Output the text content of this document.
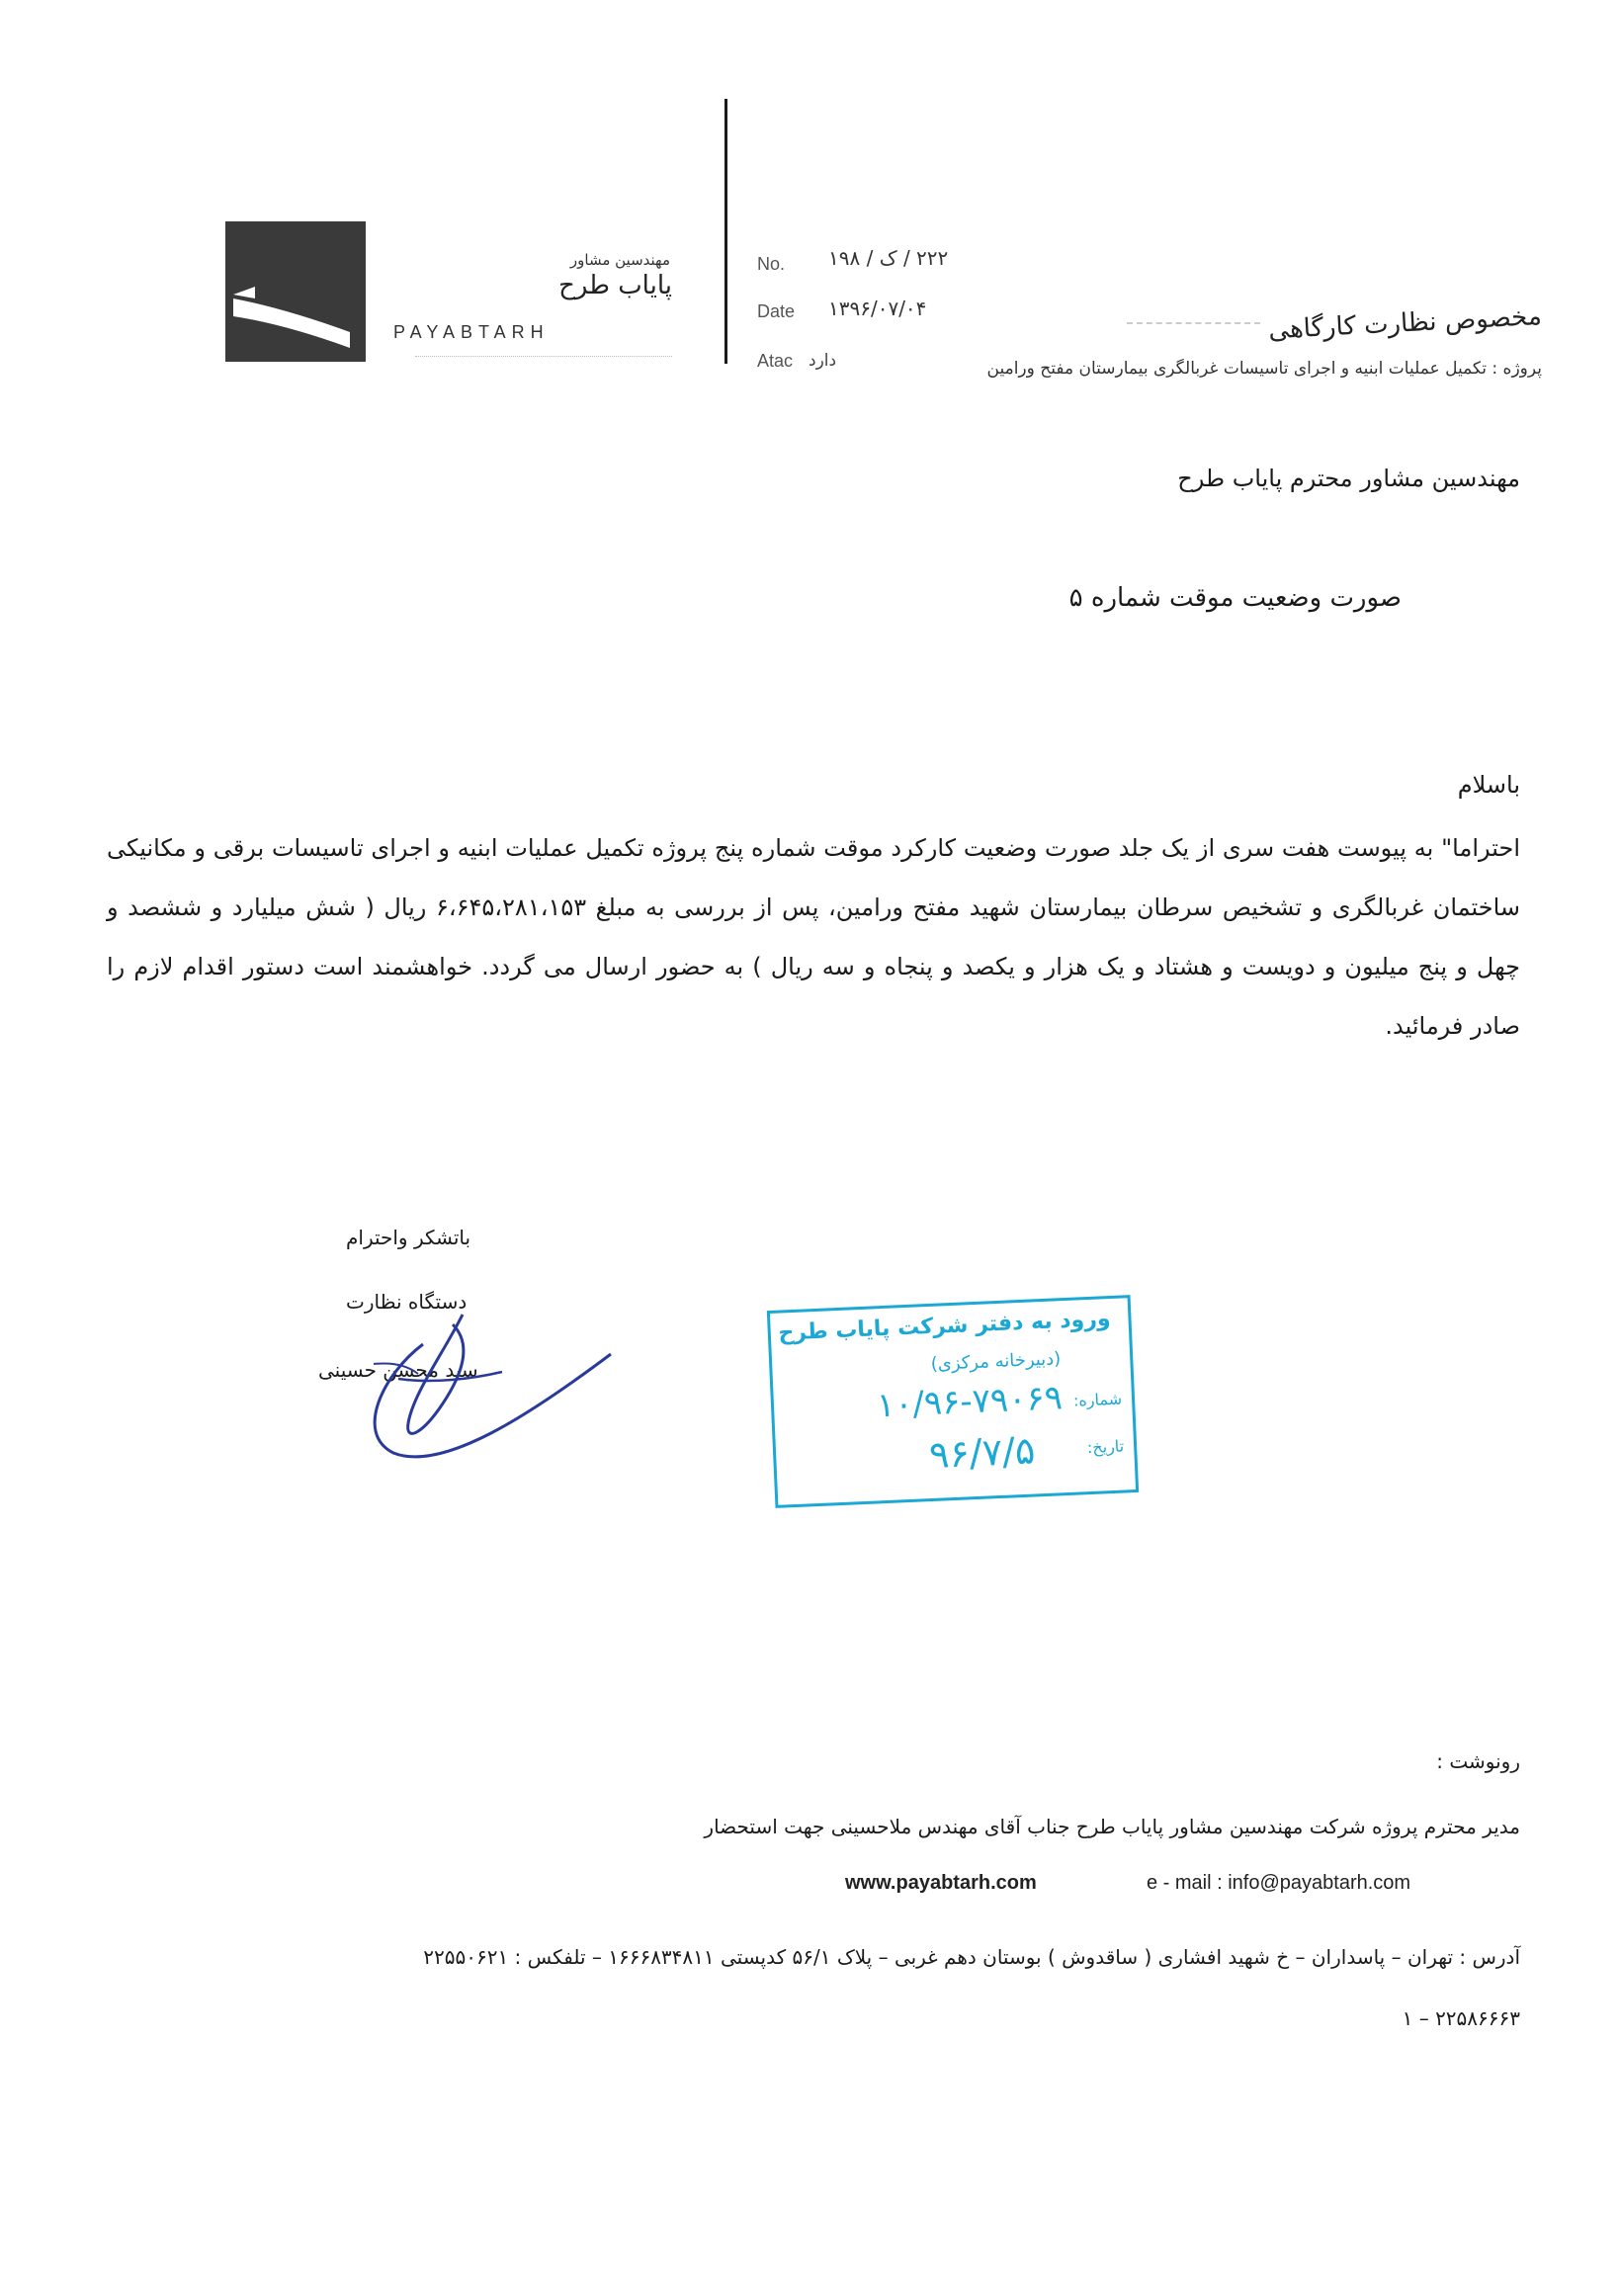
مهندسین مشاور
پایاب طرح
PAYABTARH
No. ۲۲۲ / ک / ۱۹۸
Date ۱۳۹۶/۰۷/۰۴
Atac دارد
مخصوص نظارت کارگاهی
پروژه : تکمیل عملیات ابنیه و اجرای تاسیسات غربالگری بیمارستان مفتح ورامین
مهندسین مشاور محترم پایاب طرح
صورت وضعیت موقت شماره ۵
باسلام
احتراما" به پیوست هفت سری از یک جلد صورت وضعیت کارکرد موقت شماره پنج پروژه تکمیل عملیات ابنیه و اجرای تاسیسات برقی و مکانیکی ساختمان غربالگری و تشخیص سرطان بیمارستان شهید مفتح ورامین، پس از بررسی به مبلغ ۶،۶۴۵،۲۸۱،۱۵۳ ریال ( شش میلیارد و ششصد و چهل و پنج میلیون و دویست و هشتاد و یک هزار و یکصد و پنجاه و سه ریال ) به حضور ارسال می گردد. خواهشمند است دستور اقدام لازم را صادر فرمائید.
باتشکر واحترام
دستگاه نظارت
سید محسن حسینی
ورود به دفتر شرکت پایاب طرح
(دبیرخانه مرکزی)
شماره:
۱۰/۹۶-۷۹۰۶۹
تاریخ:
۹۶/۷/۵
رونوشت :
مدیر محترم پروژه شرکت مهندسین مشاور پایاب طرح جناب آقای مهندس ملاحسینی جهت استحضار
www.payabtarh.com	e - mail : info@payabtarh.com
آدرس : تهران – پاسداران – خ شهید افشاری ( ساقدوش ) بوستان دهم غربی – پلاک ۵۶/۱ کدپستی ۱۶۶۶۸۳۴۸۱۱ – تلفکس : ۲۲۵۵۰۶۲۱
۲۲۵۸۶۶۶۳ – ۱
